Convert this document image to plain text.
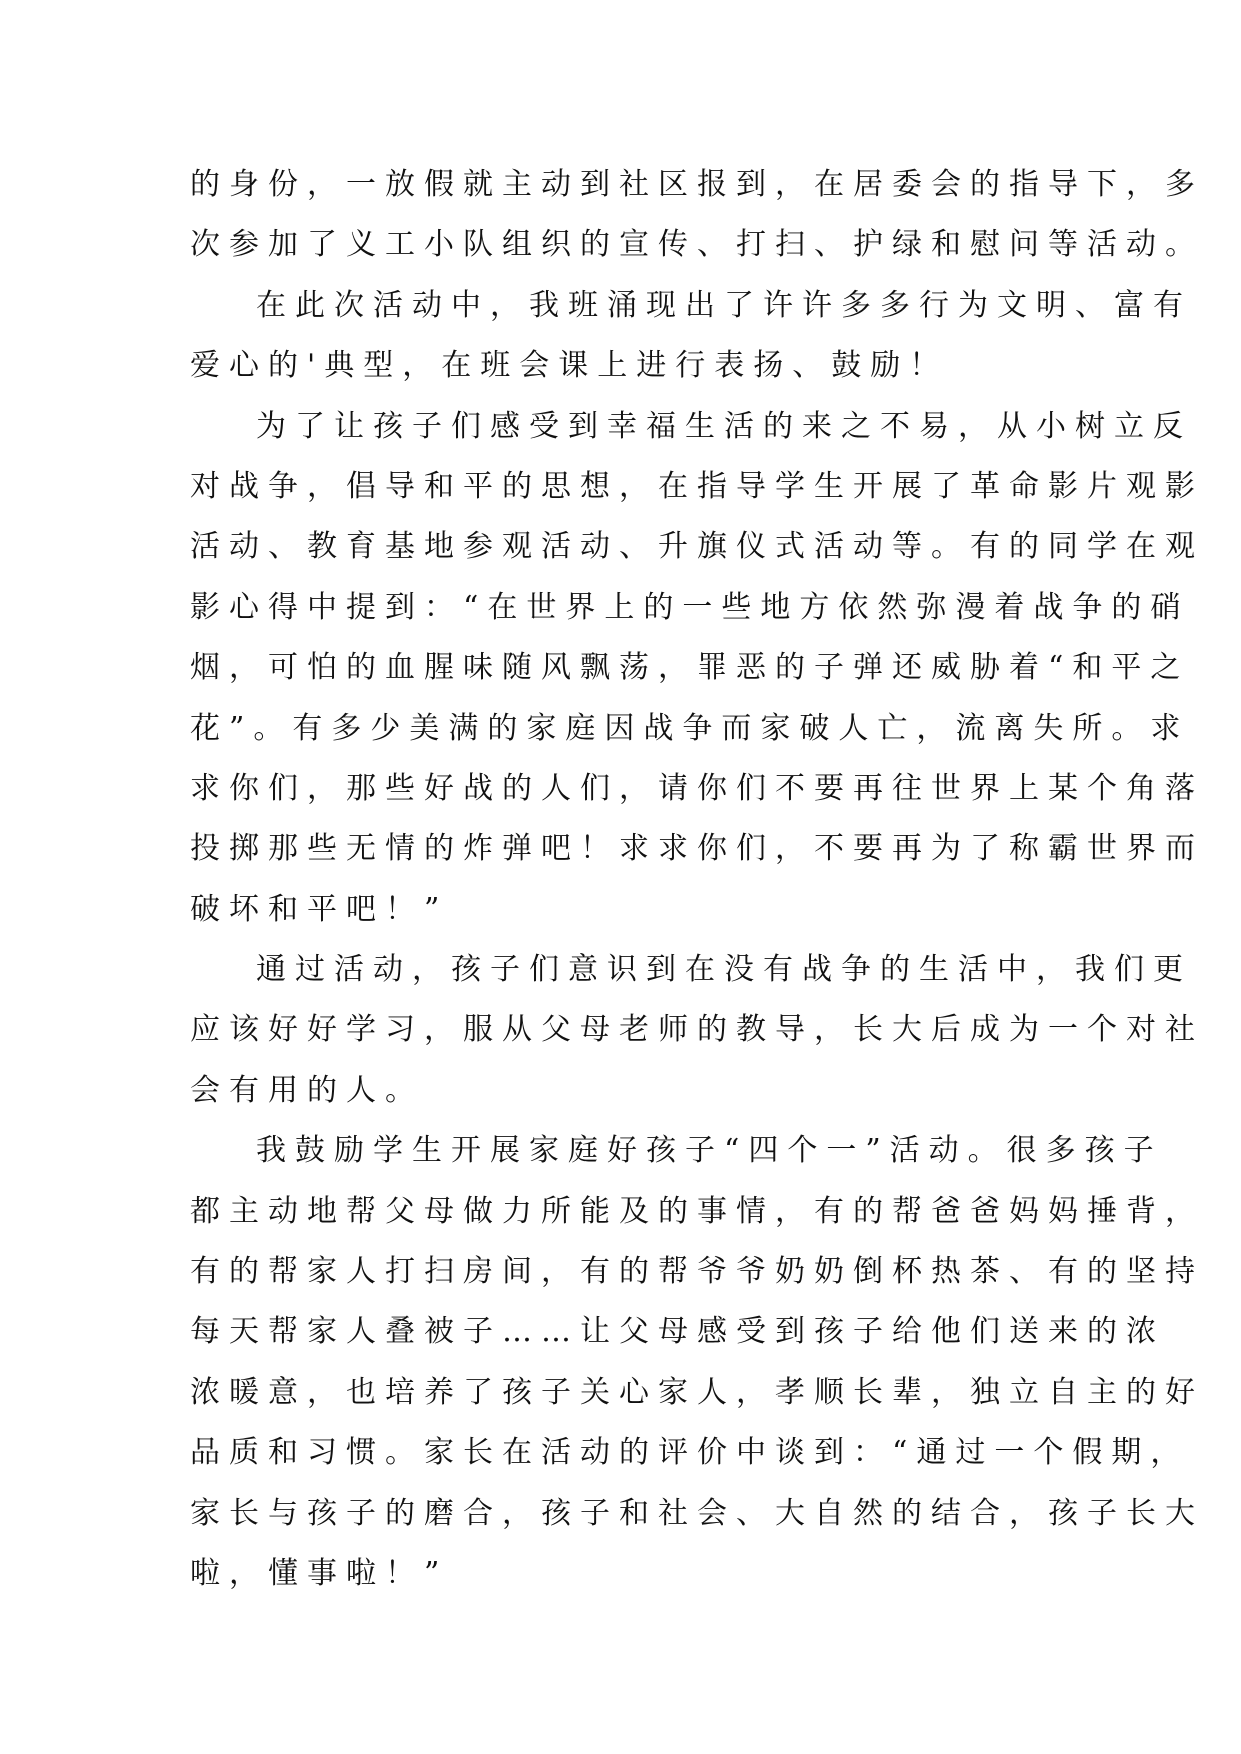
的身份，一放假就主动到社区报到，在居委会的指导下，多
次参加了义工小队组织的宣传、打扫、护绿和慰问等活动。
在此次活动中，我班涌现出了许许多多行为文明、富有
爱心的'典型，在班会课上进行表扬、鼓励！
为了让孩子们感受到幸福生活的来之不易，从小树立反
对战争，倡导和平的思想，在指导学生开展了革命影片观影
活动、教育基地参观活动、升旗仪式活动等。有的同学在观
影心得中提到：“在世界上的一些地方依然弥漫着战争的硝
烟，可怕的血腥味随风飘荡，罪恶的子弹还威胁着“和平之
花”。有多少美满的家庭因战争而家破人亡，流离失所。求
求你们，那些好战的人们，请你们不要再往世界上某个角落
投掷那些无情的炸弹吧！求求你们，不要再为了称霸世界而
破坏和平吧！”
通过活动，孩子们意识到在没有战争的生活中，我们更
应该好好学习，服从父母老师的教导，长大后成为一个对社
会有用的人。
我鼓励学生开展家庭好孩子“四个一”活动。很多孩子
都主动地帮父母做力所能及的事情，有的帮爸爸妈妈捶背，
有的帮家人打扫房间，有的帮爷爷奶奶倒杯热茶、有的坚持
每天帮家人叠被子……让父母感受到孩子给他们送来的浓
浓暖意，也培养了孩子关心家人，孝顺长辈，独立自主的好
品质和习惯。家长在活动的评价中谈到：“通过一个假期，
家长与孩子的磨合，孩子和社会、大自然的结合，孩子长大
啦，懂事啦！”
